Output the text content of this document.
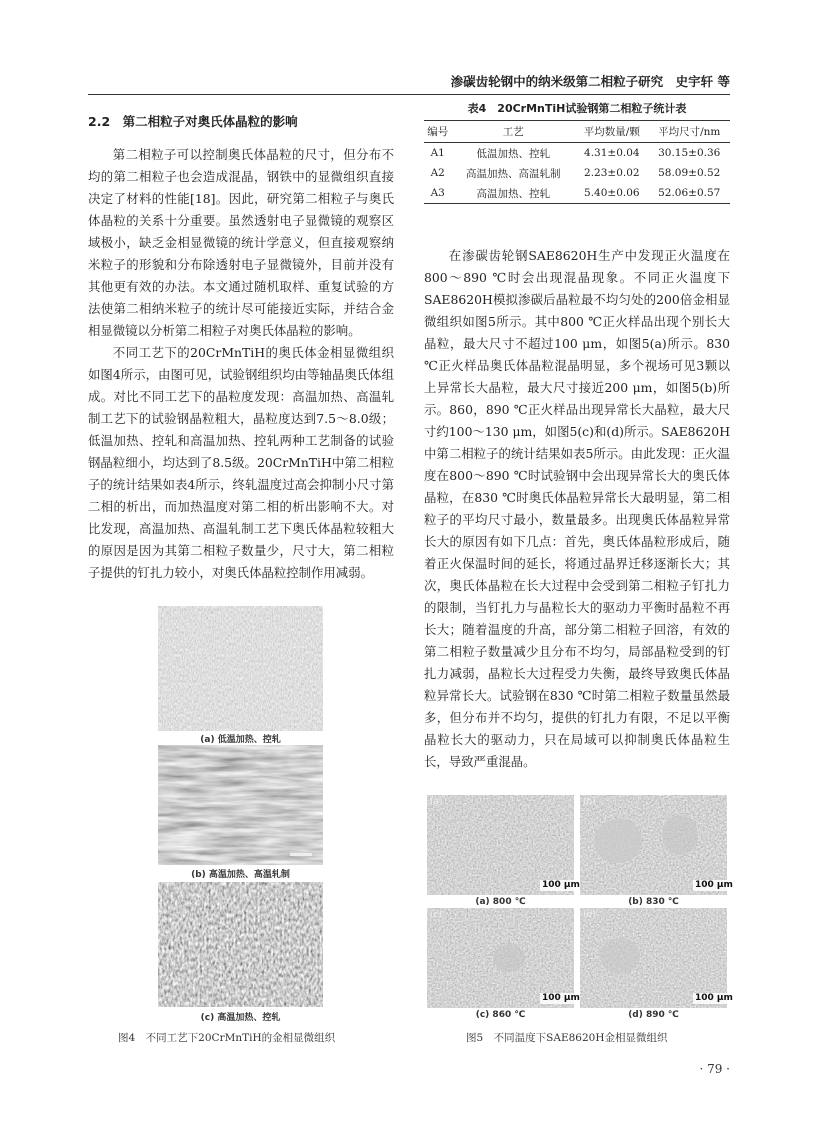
渗碳齿轮钢中的纳米级第二相粒子研究　史宇轩 等

2.2　第二相粒子对奥氏体晶粒的影响

第二相粒子可以控制奥氏体晶粒的尺寸，但分布不均的第二相粒子也会造成混晶，钢铁中的显微组织直接决定了材料的性能[18]。因此，研究第二相粒子与奥氏体晶粒的关系十分重要。虽然透射电子显微镜的观察区域极小，缺乏金相显微镜的统计学意义，但直接观察纳米粒子的形貌和分布除透射电子显微镜外，目前并没有其他更有效的办法。本文通过随机取样、重复试验的方法使第二相纳米粒子的统计尽可能接近实际，并结合金相显微镜以分析第二相粒子对奥氏体晶粒的影响。

不同工艺下的20CrMnTiH的奥氏体金相显微组织如图4所示，由图可见，试验钢组织均由等轴晶奥氏体组成。对比不同工艺下的晶粒度发现：高温加热、高温轧制工艺下的试验钢晶粒粗大，晶粒度达到7.5～8.0级；低温加热、控轧和高温加热、控轧两种工艺制备的试验钢晶粒细小，均达到了8.5级。20CrMnTiH中第二相粒子的统计结果如表4所示，终轧温度过高会抑制小尺寸第二相的析出，而加热温度对第二相的析出影响不大。对比发现，高温加热、高温轧制工艺下奥氏体晶粒较粗大的原因是因为其第二相粒子数量少，尺寸大，第二相粒子提供的钉扎力较小，对奥氏体晶粒控制作用减弱。

表4　20CrMnTiH试验钢第二相粒子统计表
编号	工艺	平均数量/颗	平均尺寸/nm
A1	低温加热、控轧	4.31±0.04	30.15±0.36
A2	高温加热、高温轧制	2.23±0.02	58.09±0.52
A3	高温加热、控轧	5.40±0.06	52.06±0.57

在渗碳齿轮钢SAE8620H生产中发现正火温度在800～890 ℃时会出现混晶现象。不同正火温度下SAE8620H模拟渗碳后晶粒最不均匀处的200倍金相显微组织如图5所示。其中800 ℃正火样品出现个别长大晶粒，最大尺寸不超过100 μm，如图5(a)所示。830 ℃正火样品奥氏体晶粒混晶明显，多个视场可见3颗以上异常长大晶粒，最大尺寸接近200 μm，如图5(b)所示。860，890 ℃正火样品出现异常长大晶粒，最大尺寸约100～130 μm，如图5(c)和(d)所示。SAE8620H中第二相粒子的统计结果如表5所示。由此发现：正火温度在800～890 ℃时试验钢中会出现异常长大的奥氏体晶粒，在830 ℃时奥氏体晶粒异常长大最明显，第二相粒子的平均尺寸最小，数量最多。出现奥氏体晶粒异常长大的原因有如下几点：首先，奥氏体晶粒形成后，随着正火保温时间的延长，将通过晶界迁移逐渐长大；其次，奥氏体晶粒在长大过程中会受到第二相粒子钉扎力的限制，当钉扎力与晶粒长大的驱动力平衡时晶粒不再长大；随着温度的升高，部分第二相粒子回溶，有效的第二相粒子数量减少且分布不均匀，局部晶粒受到的钉扎力减弱，晶粒长大过程受力失衡，最终导致奥氏体晶粒异常长大。试验钢在830 ℃时第二相粒子数量虽然最多，但分布并不均匀，提供的钉扎力有限，不足以平衡晶粒长大的驱动力，只在局域可以抑制奥氏体晶粒生长，导致严重混晶。

(a) 低温加热、控轧
(b) 高温加热、高温轧制
(c) 高温加热、控轧
图4　不同工艺下20CrMnTiH的金相显微组织
(a)
100 μm
(a) 800 ℃
(b)
100 μm
(b) 830 ℃
(c)
100 μm
(c) 860 ℃
(d)
100 μm
(d) 890 ℃
图5　不同温度下SAE8620H金相显微组织
· 79 ·
